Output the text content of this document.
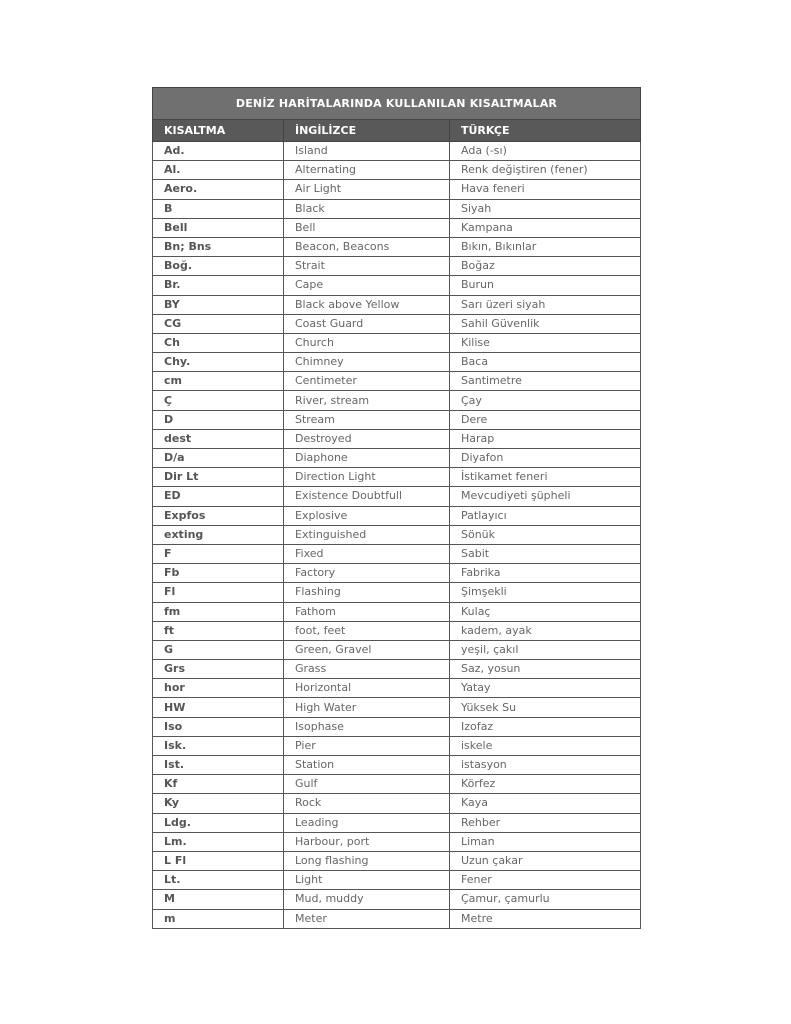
DENİZ HARİTALARINDA KULLANILAN KISALTMALAR		
KISALTMA	İNGİLİZCE	TÜRKÇE
Ad.	Island	Ada (-sı)
Al.	Alternating	Renk değiştiren (fener)
Aero.	Air Light	Hava feneri
B	Black	Siyah
Bell	Bell	Kampana
Bn; Bns	Beacon, Beacons	Bıkın, Bıkınlar
Boğ.	Strait	Boğaz
Br.	Cape	Burun
BY	Black above Yellow	Sarı üzeri siyah
CG	Coast Guard	Sahil Güvenlik
Ch	Church	Kilise
Chy.	Chimney	Baca
cm	Centimeter	Santimetre
Ç	River, stream	Çay
D	Stream	Dere
dest	Destroyed	Harap
D/a	Diaphone	Diyafon
Dir Lt	Direction Light	İstikamet feneri
ED	Existence Doubtfull	Mevcudiyeti şüpheli
Expfos	Explosive	Patlayıcı
exting	Extinguished	Sönük
F	Fixed	Sabit
Fb	Factory	Fabrika
Fl	Flashing	Şimşekli
fm	Fathom	Kulaç
ft	foot, feet	kadem, ayak
G	Green, Gravel	yeşil, çakıl
Grs	Grass	Saz, yosun
hor	Horizontal	Yatay
HW	High Water	Yüksek Su
Iso	Isophase	Izofaz
Isk.	Pier	iskele
Ist.	Station	istasyon
Kf	Gulf	Körfez
Ky	Rock	Kaya
Ldg.	Leading	Rehber
Lm.	Harbour, port	Liman
L Fl	Long flashing	Uzun çakar
Lt.	Light	Fener
M	Mud, muddy	Çamur, çamurlu
m	Meter	Metre
